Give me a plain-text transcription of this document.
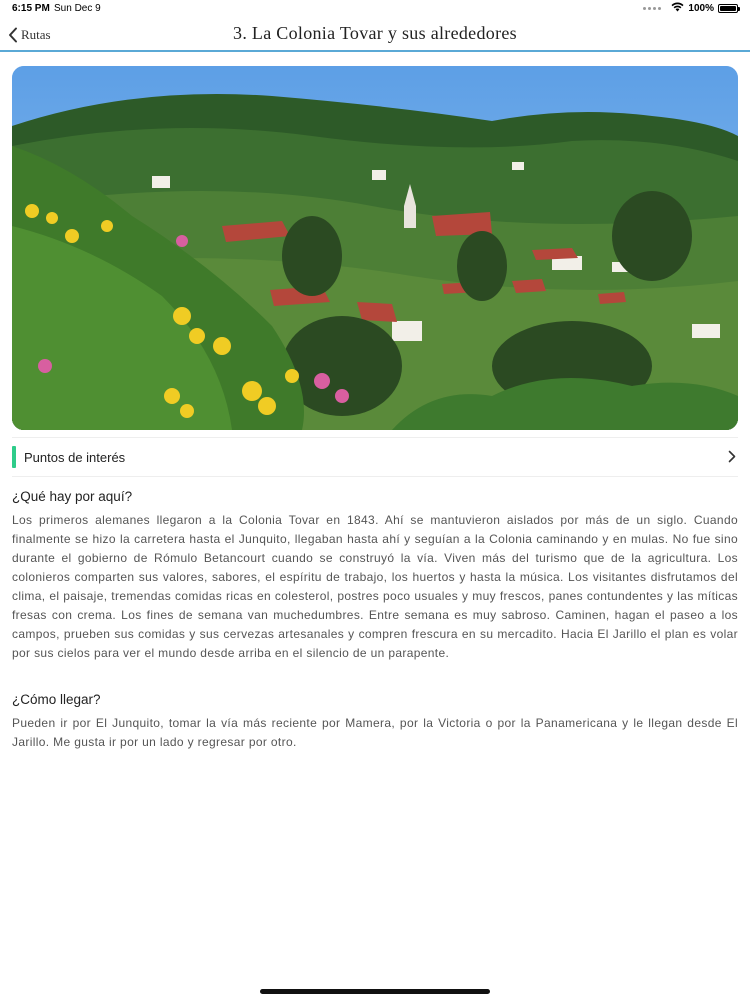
6:15 PM Sun Dec 9	100%
Rutas	3. La Colonia Tovar y sus alrededores
Puntos de interés
¿Qué hay por aquí?
Los primeros alemanes llegaron a la Colonia Tovar en 1843. Ahí se mantuvieron aislados por más de un siglo. Cuando finalmente se hizo la carretera hasta el Junquito, llegaban hasta ahí y seguían a la Colonia caminando y en mulas. No fue sino durante el gobierno de Rómulo Betancourt cuando se construyó la vía. Viven más del turismo que de la agricultura. Los colonieros comparten sus valores, sabores, el espíritu de trabajo, los huertos y hasta la música. Los visitantes disfrutamos del clima, el paisaje, tremendas comidas ricas en colesterol, postres poco usuales y muy frescos, panes contundentes y las míticas fresas con crema. Los fines de semana van muchedumbres. Entre semana es muy sabroso. Caminen, hagan el paseo a los campos, prueben sus comidas y sus cervezas artesanales y compren frescura en su mercadito. Hacia El Jarillo el plan es volar por sus cielos para ver el mundo desde arriba en el silencio de un parapente.
¿Cómo llegar?
Pueden ir por El Junquito, tomar la vía más reciente por Mamera, por la Victoria o por la Panamericana y le llegan desde El Jarillo. Me gusta ir por un lado y regresar por otro.
